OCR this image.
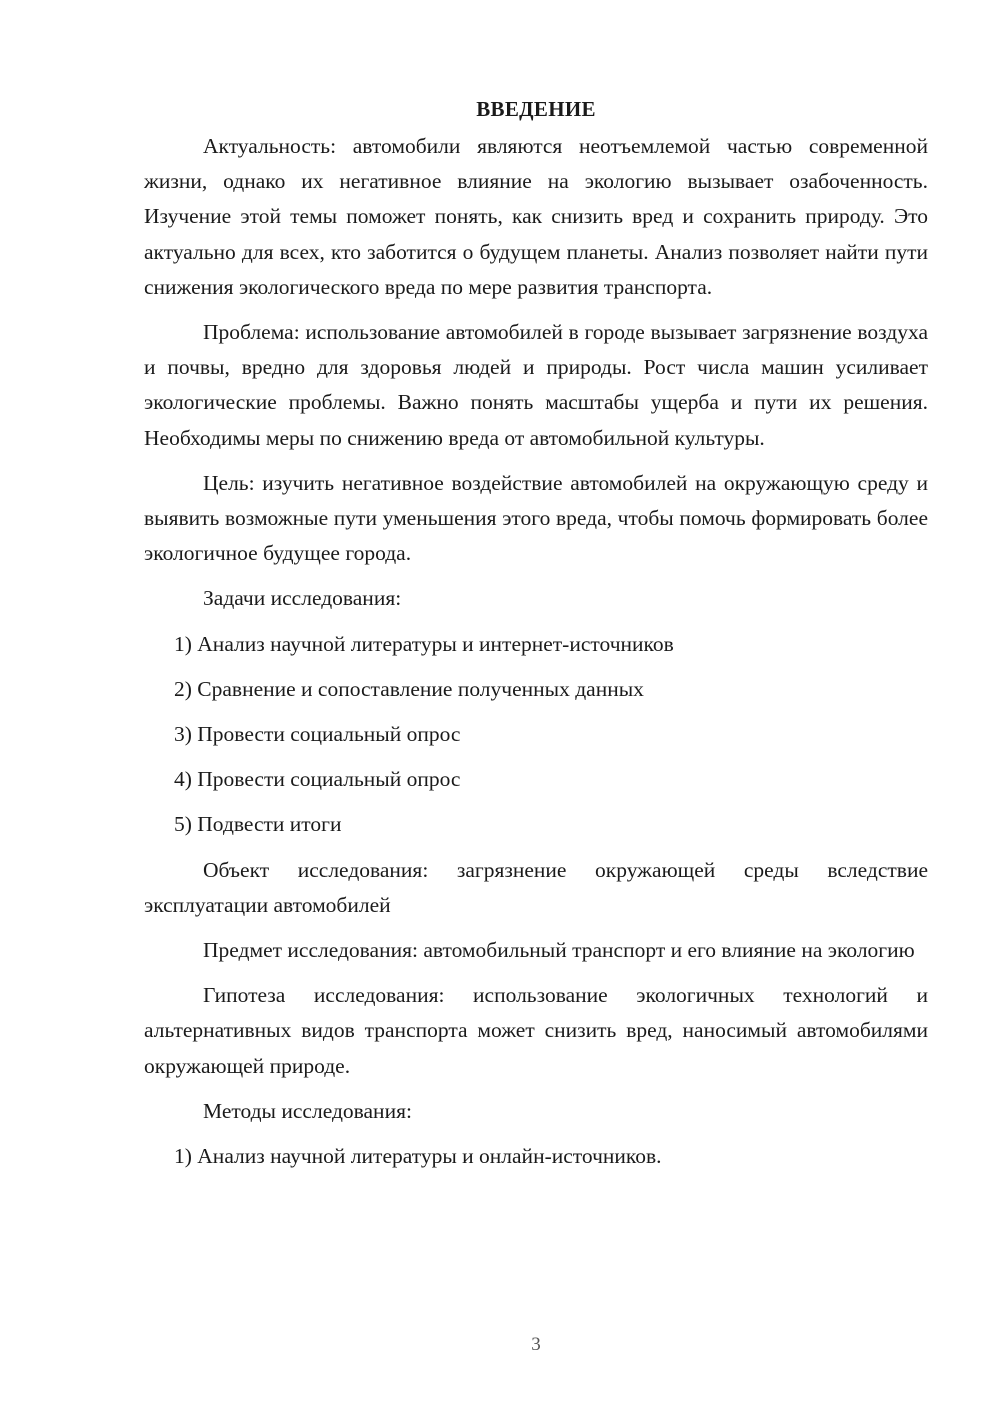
ВВЕДЕНИЕ

Актуальность: автомобили являются неотъемлемой частью современной жизни, однако их негативное влияние на экологию вызывает озабоченность. Изучение этой темы поможет понять, как снизить вред и сохранить природу. Это актуально для всех, кто заботится о будущем планеты. Анализ позволяет найти пути снижения экологического вреда по мере развития транспорта.

Проблема: использование автомобилей в городе вызывает загрязнение воздуха и почвы, вредно для здоровья людей и природы. Рост числа машин усиливает экологические проблемы. Важно понять масштабы ущерба и пути их решения. Необходимы меры по снижению вреда от автомобильной культуры.

Цель: изучить негативное воздействие автомобилей на окружающую среду и выявить возможные пути уменьшения этого вреда, чтобы помочь формировать более экологичное будущее города.

Задачи исследования:

1) Анализ научной литературы и интернет-источников
2) Сравнение и сопоставление полученных данных
3) Провести социальный опрос
4) Провести социальный опрос
5) Подвести итоги

Объект исследования: загрязнение окружающей среды вследствие эксплуатации автомобилей

Предмет исследования: автомобильный транспорт и его влияние на экологию

Гипотеза исследования: использование экологичных технологий и альтернативных видов транспорта может снизить вред, наносимый автомобилями окружающей природе.

Методы исследования:

1) Анализ научной литературы и онлайн-источников.
3
